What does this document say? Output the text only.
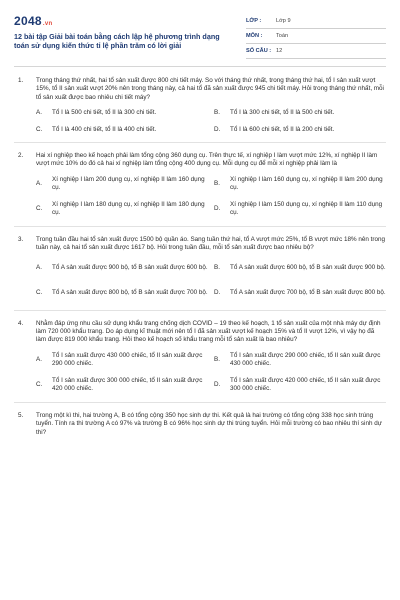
2048.vn
12 bài tập Giải bài toán bằng cách lập hệ phương trình dạng toán sử dụng kiến thức tỉ lệ phần trăm có lời giải
LỚP :	Lớp 9
MÔN :	Toán
SỐ CÂU : 12
1. Trong tháng thứ nhất, hai tổ sản xuất được 800 chi tiết máy. So với tháng thứ nhất, trong tháng thứ hai, tổ I sản xuất vượt 15%, tổ II sản xuất vượt 20% nên trong tháng này, cả hai tổ đã sản xuất được 945 chi tiết máy. Hỏi trong tháng thứ nhất, mỗi tổ sản xuất được bao nhiêu chi tiết máy?
A.	Tổ I là 500 chi tiết, tổ II là 300 chi tiết.	B.	Tổ I là 300 chi tiết, tổ II là 500 chi tiết.
C.	Tổ I là 400 chi tiết, tổ II là 400 chi tiết.	D.	Tổ I là 600 chi tiết, tổ II là 200 chi tiết.
2. Hai xí nghiệp theo kế hoạch phải làm tổng cộng 360 dụng cụ. Trên thực tế, xí nghiệp I làm vượt mức 12%, xí nghiệp II làm vượt mức 10% do đó cả hai xí nghiệp làm tổng cộng 400 dụng cụ. Mỗi dụng cụ để mỗi xí nghiệp phải làm là
A.
Xí nghiệp I làm 200 dụng cụ, xí nghiệp II làm 160 dụng cụ.
B.
Xí nghiệp I làm 160 dụng cụ, xí nghiệp II làm 200 dụng cụ.
C.
Xí nghiệp I làm 180 dụng cụ, xí nghiệp II làm 180 dụng cụ.
D.
Xí nghiệp I làm 150 dụng cụ, xí nghiệp II làm 110 dụng cụ.
3. Trong tuần đầu hai tổ sản xuất được 1500 bộ quần áo. Sang tuần thứ hai, tổ A vượt mức 25%, tổ B vượt mức 18% nên trong tuần này, cả hai tổ sản xuất được 1617 bộ. Hỏi trong tuần đầu, mỗi tổ sản xuất được bao nhiêu bộ?
A.	Tổ A sản xuất được 900 bộ, tổ B sản xuất được 600 bộ. B.	Tổ A sản xuất được 600 bộ, tổ B sản xuất được 900 bộ.
C.	Tổ A sản xuất được 800 bộ, tổ B sản xuất được 700 bộ. D.	Tổ A sản xuất được 700 bộ, tổ B sản xuất được 800 bộ.
4. Nhằm đáp ứng nhu cầu sử dụng khẩu trang chống dịch COVID – 19 theo kế hoạch, 1 tổ sản xuất của một nhà máy dự định làm 720 000 khẩu trang. Do áp dụng kĩ thuật mới nên tổ I đã sản xuất vượt kế hoạch 15% và tổ II vượt 12%, vì vậy họ đã làm được 819 000 khẩu trang. Hỏi theo kế hoạch số khẩu trang mỗi tổ sản xuất là bao nhiêu?
A.
Tổ I sản xuất được 430 000 chiếc, tổ II sản xuất được 290 000 chiếc.
B.
Tổ I sản xuất được 290 000 chiếc, tổ II sản xuất được 430 000 chiếc.
C.
Tổ I sản xuất được 300 000 chiếc, tổ II sản xuất được 420 000 chiếc.
D.
Tổ I sản xuất được 420 000 chiếc, tổ II sản xuất được 300 000 chiếc.
5. Trong một kì thi, hai trường A, B có tổng cộng 350 học sinh dự thi. Kết quả là hai trường có tổng cộng 338 học sinh trúng tuyển. Tính ra thì trường A có 97% và trường B có 96% học sinh dự thi trúng tuyển. Hỏi mỗi trường có bao nhiêu thí sinh dự thi?
